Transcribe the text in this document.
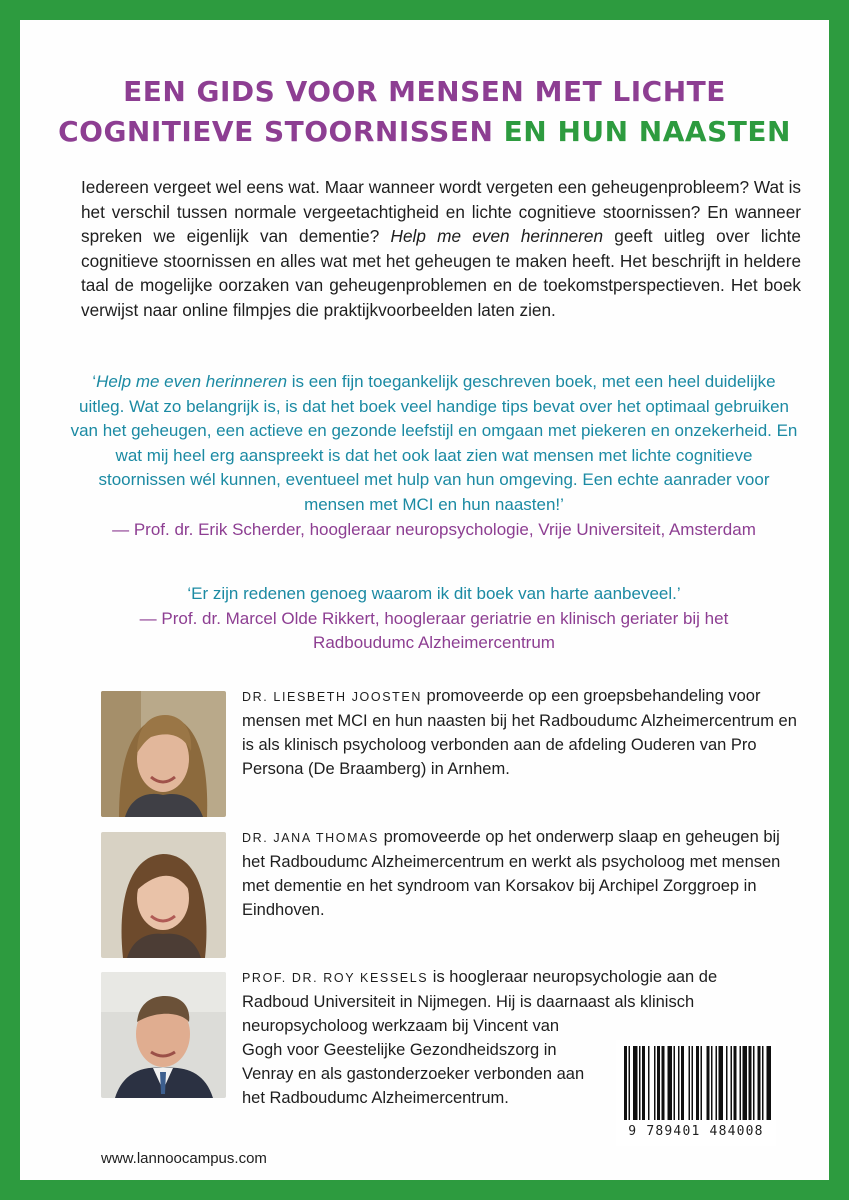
EEN GIDS VOOR MENSEN MET LICHTE
COGNITIEVE STOORNISSEN EN HUN NAASTEN
Iedereen vergeet wel eens wat. Maar wanneer wordt vergeten een geheugenprobleem? Wat is het verschil tussen normale vergeetachtigheid en lichte cognitieve stoornissen? En wanneer spreken we eigenlijk van dementie? Help me even herinneren geeft uitleg over lichte cognitieve stoornissen en alles wat met het geheugen te maken heeft. Het beschrijft in heldere taal de mogelijke oorzaken van geheugenproblemen en de toekomstperspectieven. Het boek verwijst naar online filmpjes die praktijkvoorbeelden laten zien.
‘Help me even herinneren is een fijn toegankelijk geschreven boek, met een heel duidelijke uitleg. Wat zo belangrijk is, is dat het boek veel handige tips bevat over het optimaal gebruiken van het geheugen, een actieve en gezonde leefstijl en omgaan met piekeren en onzekerheid. En wat mij heel erg aanspreekt is dat het ook laat zien wat mensen met lichte cognitieve stoornissen wél kunnen, eventueel met hulp van hun omgeving. Een echte aanrader voor mensen met MCI en hun naasten!’
— Prof. dr. Erik Scherder, hoogleraar neuropsychologie, Vrije Universiteit, Amsterdam
‘Er zijn redenen genoeg waarom ik dit boek van harte aanbeveel.’
— Prof. dr. Marcel Olde Rikkert, hoogleraar geriatrie en klinisch geriater bij het Radboudumc Alzheimercentrum
DR. LIESBETH JOOSTEN promoveerde op een groepsbehandeling voor mensen met MCI en hun naasten bij het Radboudumc Alzheimercentrum en is als klinisch psycholoog verbonden aan de afdeling Ouderen van Pro Persona (De Braamberg) in Arnhem.
DR. JANA THOMAS promoveerde op het onderwerp slaap en geheugen bij het Radboudumc Alzheimercentrum en werkt als psycholoog met mensen met dementie en het syndroom van Korsakov bij Archipel Zorggroep in Eindhoven.
PROF. DR. ROY KESSELS is hoogleraar neuropsychologie aan de
Radboud Universiteit in Nijmegen. Hij is daarnaast als klinisch
neuropsycholoog werkzaam bij Vincent van Gogh voor Geestelijke Gezondheidszorg in Venray en als gastonderzoeker verbonden aan het Radboudumc Alzheimercentrum.
9 789401 484008
www.lannoocampus.com
